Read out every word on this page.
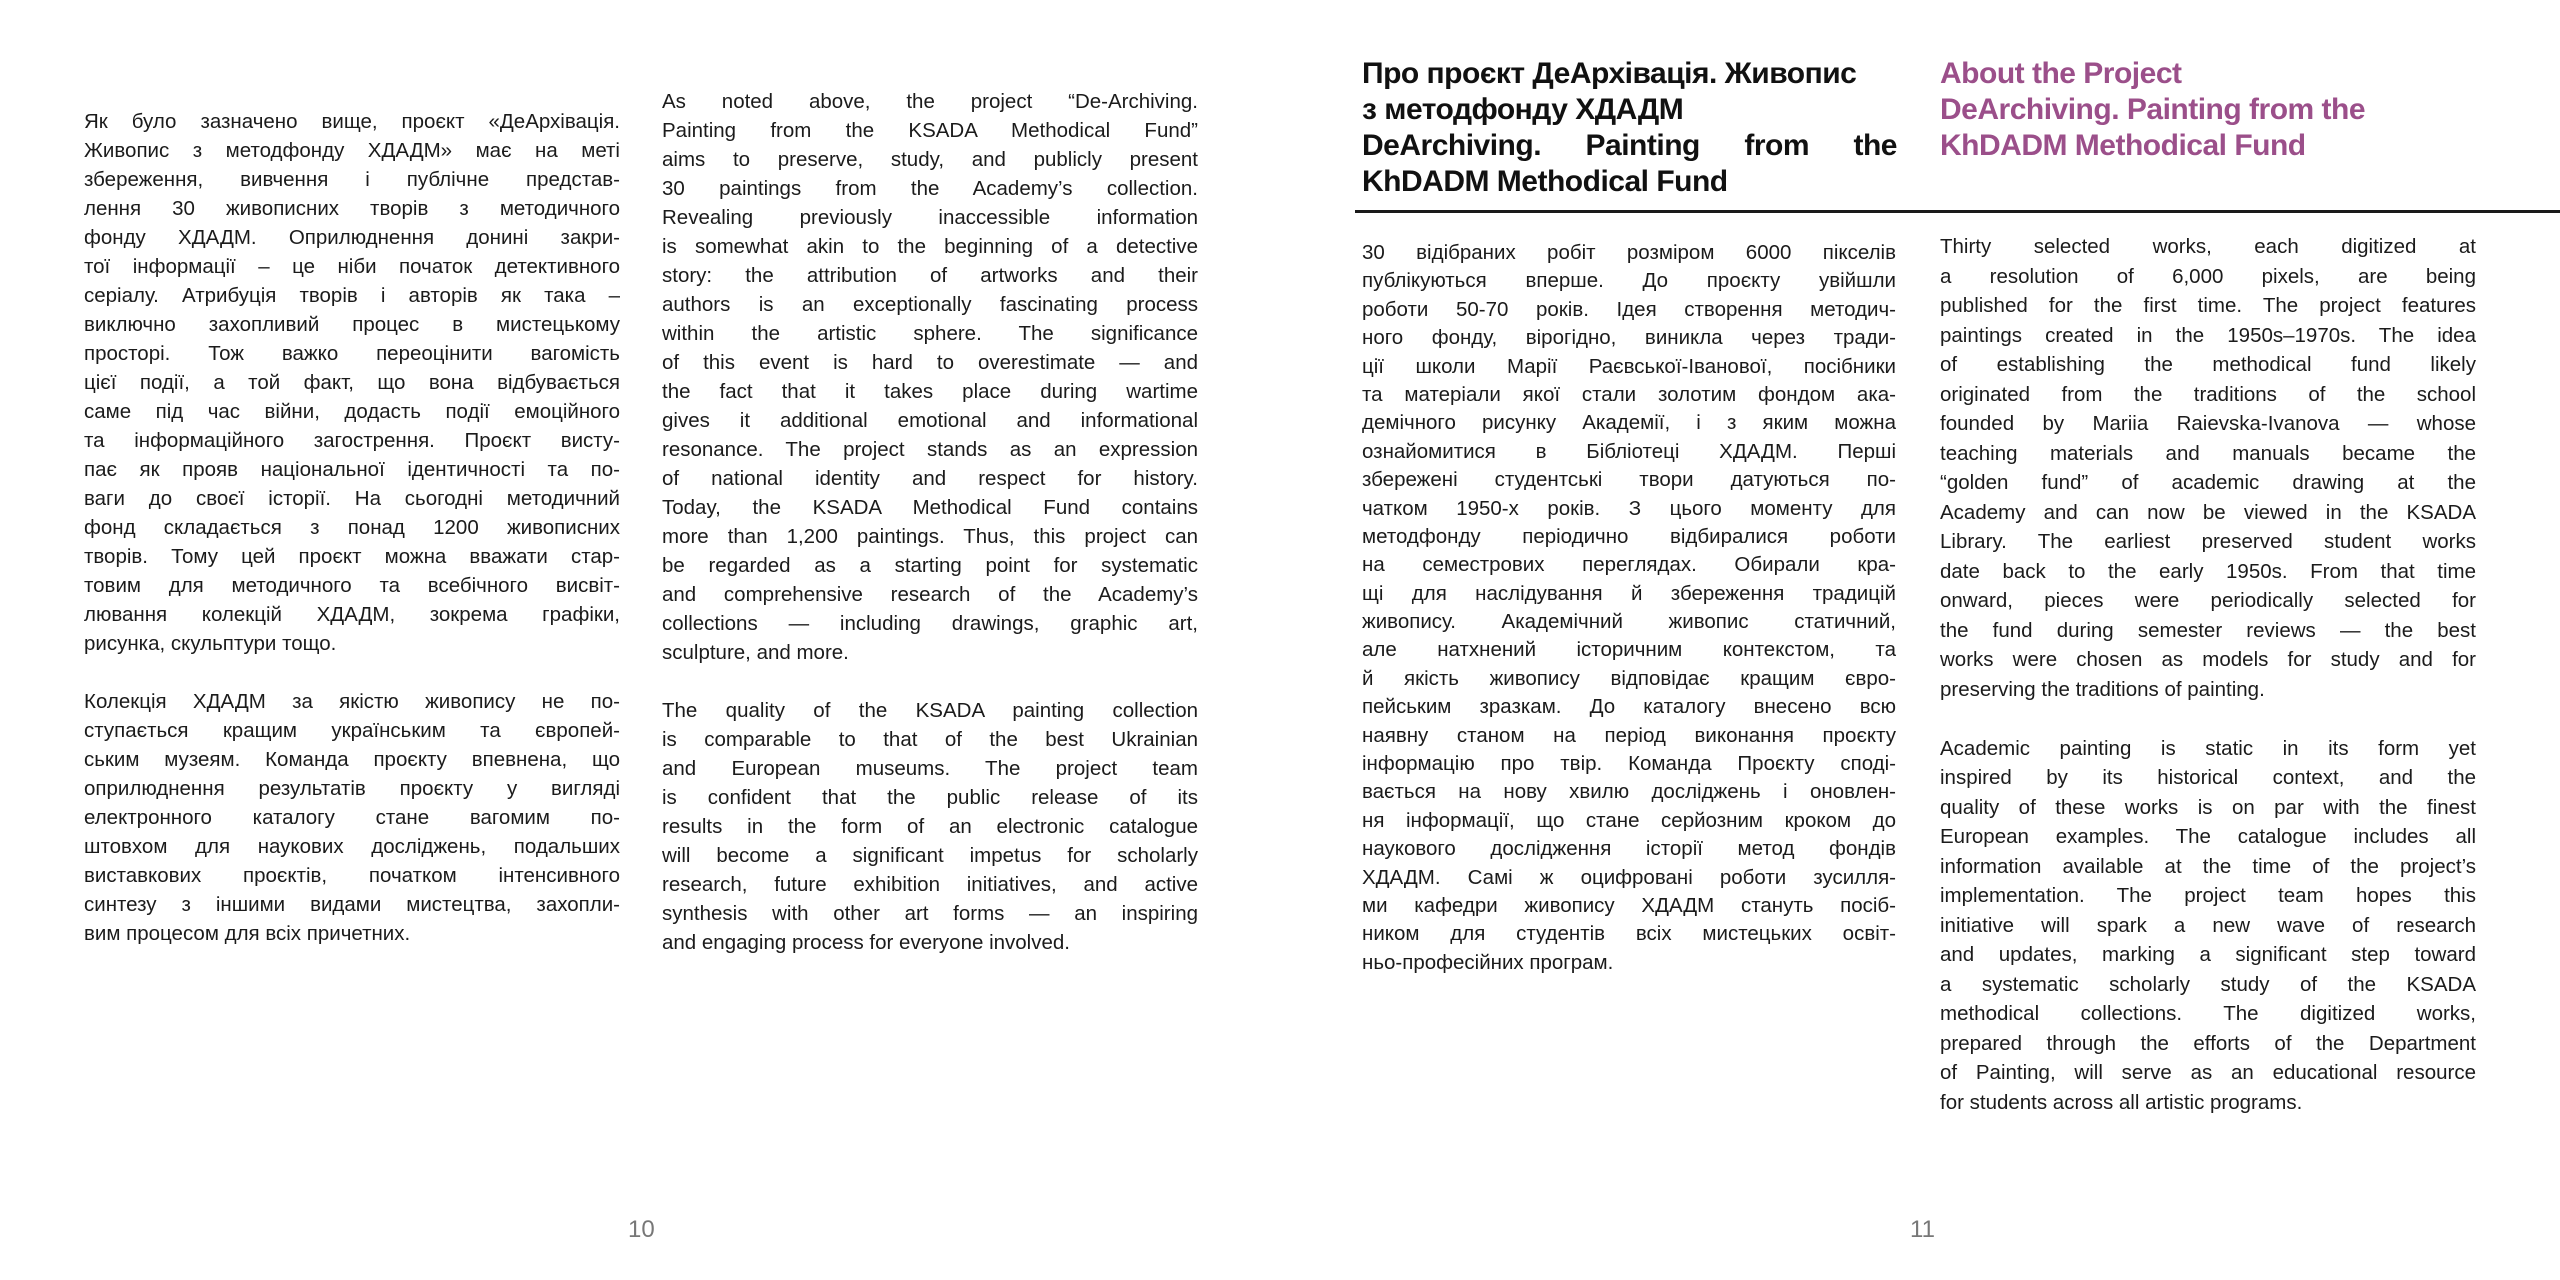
Як було зазначено вище, проєкт «ДеАрхівація.
Живопис з методфонду ХДАДМ» має на меті
збереження, вивчення і публічне представ-
лення 30 живописних творів з методичного
фонду ХДАДМ. Оприлюднення донині закри-
тої інформації – це ніби початок детективного
серіалу. Атрибуція творів і авторів як така –
виключно захопливий процес в мистецькому
просторі. Тож важко переоцінити вагомість
цієї події, а той факт, що вона відбувається
саме під час війни, додасть події емоційного
та інформаційного загострення. Проєкт висту-
пає як прояв національної ідентичності та по-
ваги до своєї історії. На сьогодні методичний
фонд складається з понад 1200 живописних
творів. Тому цей проєкт можна вважати стар-
товим для методичного та всебічного висвіт-
лювання колекцій ХДАДМ, зокрема графіки,
рисунка, скульптури тощо.
Колекція ХДАДМ за якістю живопису не по-
ступається кращим українським та європей-
ським музеям. Команда проєкту впевнена, що
оприлюднення результатів проєкту у вигляді
електронного каталогу стане вагомим по-
штовхом для наукових досліджень, подальших
виставкових проєктів, початком інтенсивного
синтезу з іншими видами мистецтва, захопли-
вим процесом для всіх причетних.
As noted above, the project “De-Archiving.
Painting from the KSADA Methodical Fund”
aims to preserve, study, and publicly present
30 paintings from the Academy’s collection.
Revealing previously inaccessible information
is somewhat akin to the beginning of a detective
story: the attribution of artworks and their
authors is an exceptionally fascinating process
within the artistic sphere. The significance
of this event is hard to overestimate — and
the fact that it takes place during wartime
gives it additional emotional and informational
resonance. The project stands as an expression
of national identity and respect for history.
Today, the KSADA Methodical Fund contains
more than 1,200 paintings. Thus, this project can
be regarded as a starting point for systematic
and comprehensive research of the Academy’s
collections — including drawings, graphic art,
sculpture, and more.
The quality of the KSADA painting collection
is comparable to that of the best Ukrainian
and European museums. The project team
is confident that the public release of its
results in the form of an electronic catalogue
will become a significant impetus for scholarly
research, future exhibition initiatives, and active
synthesis with other art forms — an inspiring
and engaging process for everyone involved.
Про проєкт ДеАрхівація. Живопис
з методфонду ХДАДМ
DeArchiving. Painting from the
KhDADM Methodical Fund
About the Project
DeArchiving. Painting from the
KhDADM Methodical Fund
30 відібраних робіт розміром 6000 пікселів
публікуються вперше. До проєкту увійшли
роботи 50-70 років. Ідея створення методич-
ного фонду, вірогідно, виникла через тради-
ції школи Марії Раєвської-Іванової, посібники
та матеріали якої стали золотим фондом ака-
демічного рисунку Академії, і з яким можна
ознайомитися в Бібліотеці ХДАДМ. Перші
збережені студентські твори датуються по-
чатком 1950-х років. З цього моменту для
методфонду періодично відбиралися роботи
на семестрових переглядах. Обирали кра-
щі для наслідування й збереження традицій
живопису. Академічний живопис статичний,
але натхнений історичним контекстом, та
й якість живопису відповідає кращим євро-
пейським зразкам. До каталогу внесено всю
наявну станом на період виконання проєкту
інформацію про твір. Команда Проєкту сподi-
вається на нову хвилю досліджень і оновлен-
ня інформації, що стане серйозним кроком до
наукового дослідження історії метод фондів
ХДАДМ. Самі ж оцифровані роботи зусилля-
ми кафедри живопису ХДАДМ стануть посіб-
ником для студентів всіх мистецьких освіт-
ньо-професійних програм.
Thirty selected works, each digitized at
a resolution of 6,000 pixels, are being
published for the first time. The project features
paintings created in the 1950s–1970s. The idea
of establishing the methodical fund likely
originated from the traditions of the school
founded by Mariia Raievska-Ivanova — whose
teaching materials and manuals became the
“golden fund” of academic drawing at the
Academy and can now be viewed in the KSADA
Library. The earliest preserved student works
date back to the early 1950s. From that time
onward, pieces were periodically selected for
the fund during semester reviews — the best
works were chosen as models for study and for
preserving the traditions of painting.
Academic painting is static in its form yet
inspired by its historical context, and the
quality of these works is on par with the finest
European examples. The catalogue includes all
information available at the time of the project’s
implementation. The project team hopes this
initiative will spark a new wave of research
and updates, marking a significant step toward
a systematic scholarly study of the KSADA
methodical collections. The digitized works,
prepared through the efforts of the Department
of Painting, will serve as an educational resource
for students across all artistic programs.
10	11
